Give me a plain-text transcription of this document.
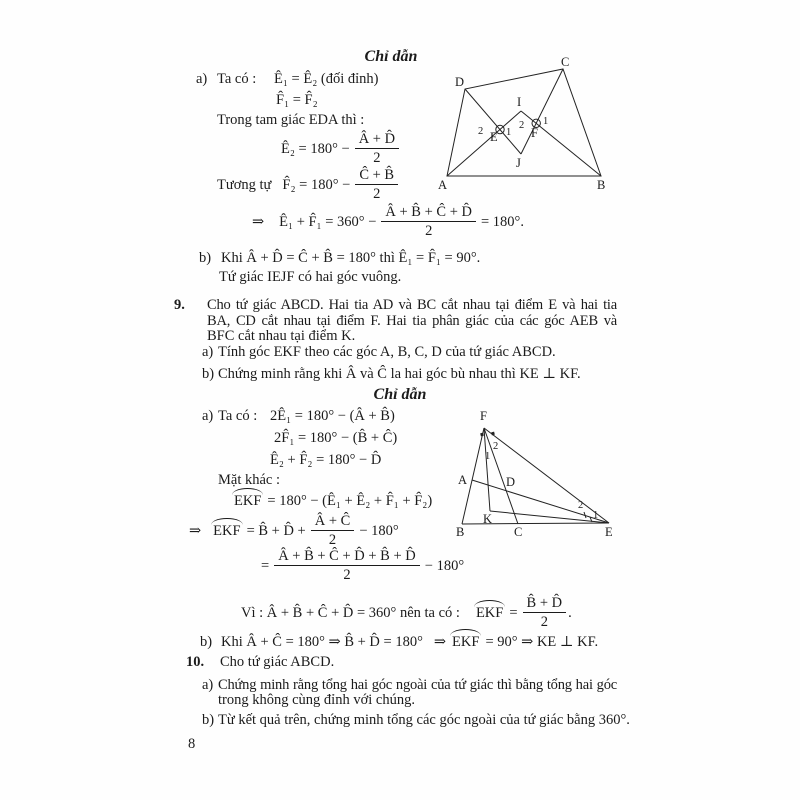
Chỉ dẫn
a) Ta có : Ê₁ = Ê₂ (đối đỉnh)
F̂₁ = F̂₂
Trong tam giác EDA thì :
Ê₂ = $180^\circ - \frac{Â + D̂}{2}$
Tương tự F̂₂ = $180^\circ - \frac{Ĉ + B̂}{2}$
⇒ Ê₁ + F̂₁ = $360^\circ - \frac{Â + B̂ + Ĉ + D̂}{2} = 180^\circ$.
b) Khi Â + D̂ = Ĉ + B̂ = 180° thì Ê₁ = F̂₁ = 90°.
Tứ giác IEJF có hai góc vuông.
9. Cho tứ giác ABCD. Hai tia AD và BC cắt nhau tại điểm E và hai tia
BA, CD cắt nhau tại điểm F. Hai tia phân giác của các góc AEB và
BFC cắt nhau tại điểm K.
a) Tính góc EKF theo các góc A, B, C, D của tứ giác ABCD.
b) Chứng minh rằng khi Â và Ĉ la hai góc bù nhau thì KE ⊥ KF.
Chỉ dẫn
a) Ta có : 2Ê₁ = 180° − (Â + B̂)
2F̂₁ = 180° − (B̂ + Ĉ)
Ê₂ + F̂₂ = 180° − D̂
Mặt khác :
EKF = 180° − (Ê₁ + Ê₂ + F̂₁ + F̂₂)
⇒ EKF = B̂ + D̂ + $\frac{Â + Ĉ}{2} - 180^\circ$
= $\frac{Â + B̂ + Ĉ + D̂ + B̂ + D̂}{2} - 180^\circ$
Vì : Â + B̂ + Ĉ + D̂ = 360° nên ta có : EKF = $\frac{B̂ + D̂}{2}$ .
b) Khi Â + Ĉ = 180° ⇒ B̂ + D̂ = 180° ⇒ EKF = 90° ⇒ KE ⊥ KF.
10. Cho tứ giác ABCD.
a) Chứng minh rằng tổng hai góc ngoài của tứ giác thì bằng tổng hai góc
trong không cùng đỉnh với chúng.
b) Từ kết quả trên, chứng minh tổng các góc ngoài của tứ giác bằng 360°.
8
A	B
C
D
I
J
E	F
2 1
2 1
F
B	C	E
A	D
K
2
1
2
1
